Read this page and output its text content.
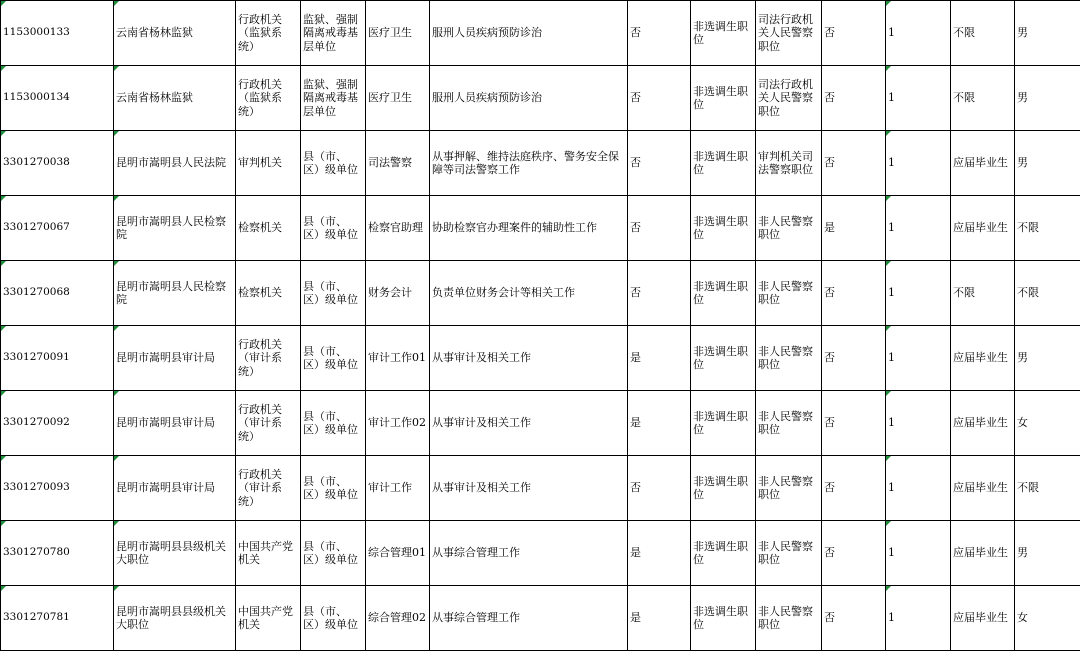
1153000133	云南省杨林监狱	行政机关（监狱系统）	监狱、强制隔离戒毒基层单位	医疗卫生	服刑人员疾病预防诊治	否	非选调生职位	司法行政机关人民警察职位	否	1	不限	男
1153000134	云南省杨林监狱	行政机关（监狱系统）	监狱、强制隔离戒毒基层单位	医疗卫生	服刑人员疾病预防诊治	否	非选调生职位	司法行政机关人民警察职位	否	1	不限	男
3301270038	昆明市嵩明县人民法院	审判机关	县（市、区）级单位	司法警察	从事押解、维持法庭秩序、警务安全保障等司法警察工作	否	非选调生职位	审判机关司法警察职位	否	1	应届毕业生	男
3301270067	昆明市嵩明县人民检察院	检察机关	县（市、区）级单位	检察官助理	协助检察官办理案件的辅助性工作	否	非选调生职位	非人民警察职位	是	1	应届毕业生	不限
3301270068	昆明市嵩明县人民检察院	检察机关	县（市、区）级单位	财务会计	负责单位财务会计等相关工作	否	非选调生职位	非人民警察职位	否	1	不限	不限
3301270091	昆明市嵩明县审计局	行政机关（审计系统）	县（市、区）级单位	审计工作01	从事审计及相关工作	是	非选调生职位	非人民警察职位	否	1	应届毕业生	男
3301270092	昆明市嵩明县审计局	行政机关（审计系统）	县（市、区）级单位	审计工作02	从事审计及相关工作	是	非选调生职位	非人民警察职位	否	1	应届毕业生	女
3301270093	昆明市嵩明县审计局	行政机关（审计系统）	县（市、区）级单位	审计工作	从事审计及相关工作	否	非选调生职位	非人民警察职位	否	1	应届毕业生	不限
3301270780	昆明市嵩明县县级机关大职位	中国共产党机关	县（市、区）级单位	综合管理01	从事综合管理工作	是	非选调生职位	非人民警察职位	否	1	应届毕业生	男
3301270781	昆明市嵩明县县级机关大职位	中国共产党机关	县（市、区）级单位	综合管理02	从事综合管理工作	是	非选调生职位	非人民警察职位	否	1	应届毕业生	女
